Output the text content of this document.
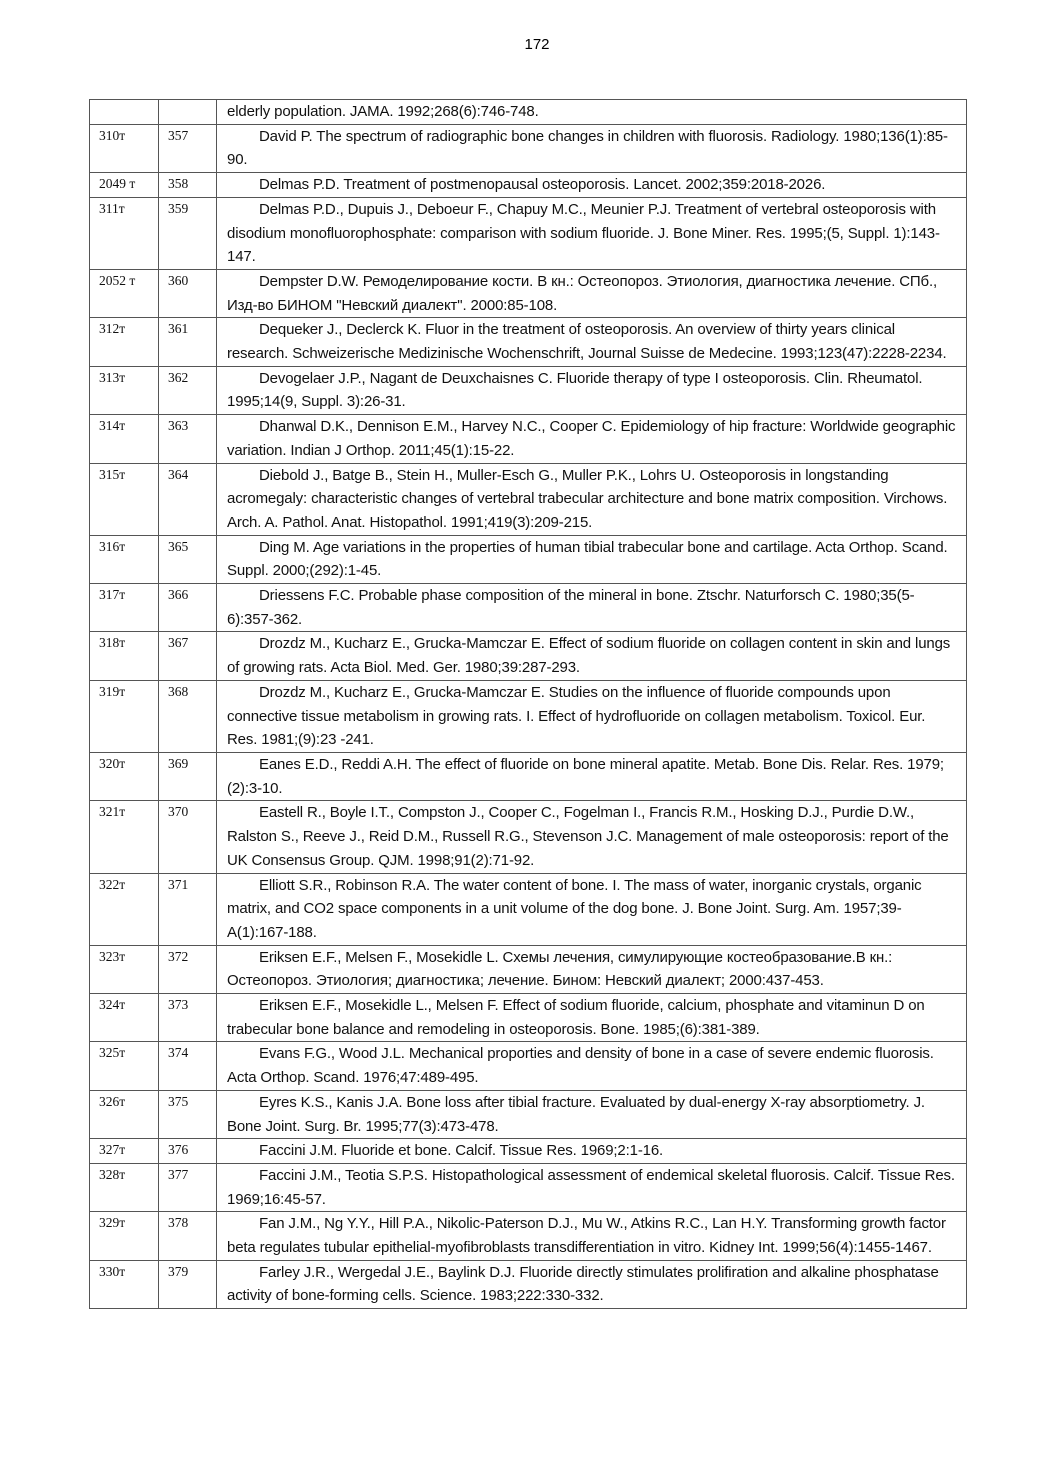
172
		elderly population. JAMA. 1992;268(6):746-748.
310т	357	David P. The spectrum of radiographic bone changes in children with fluorosis. Radiology. 1980;136(1):85-90.
2049 т	358	Delmas P.D. Treatment of postmenopausal osteoporosis. Lancet. 2002;359:2018-2026.
311т	359	Delmas P.D., Dupuis J., Deboeur F., Chapuy M.C., Meunier P.J. Treatment of vertebral osteoporosis with disodium monofluorophosphate: comparison with sodium fluoride. J. Bone Miner. Res. 1995;(5, Suppl. 1):143-147.
2052 т	360	Dempster D.W. Ремоделирование кости. В кн.: Остеопороз. Этиология, диагностика лечение. СПб., Изд-во БИНОМ "Невский диалект". 2000:85-108.
312т	361	Dequeker J., Declerck K. Fluor in the treatment of osteoporosis. An overview of thirty years clinical research. Schweizerische Medizinische Wochenschrift, Journal Suisse de Medecine. 1993;123(47):2228-2234.
313т	362	Devogelaer J.P., Nagant de Deuxchaisnes C. Fluoride therapy of type I osteoporosis. Clin. Rheumatol. 1995;14(9, Suppl. 3):26-31.
314т	363	Dhanwal D.K., Dennison E.M., Harvey N.C., Cooper C. Epidemiology of hip fracture: Worldwide geographic variation. Indian J Orthop. 2011;45(1):15-22.
315т	364	Diebold J., Batge B., Stein H., Muller-Esch G., Muller P.K., Lohrs U. Osteoporosis in longstanding acromegaly: characteristic changes of vertebral trabecular architecture and bone matrix composition. Virchows. Arch. A. Pathol. Anat. Histopathol. 1991;419(3):209-215.
316т	365	Ding M. Age variations in the properties of human tibial trabecular bone and cartilage. Acta Orthop. Scand. Suppl. 2000;(292):1-45.
317т	366	Driessens F.C. Probable phase composition of the mineral in bone. Ztschr. Naturforsch C. 1980;35(5-6):357-362.
318т	367	Drozdz M., Kucharz E., Grucka-Mamczar E. Effect of sodium fluoride on collagen content in skin and lungs of growing rats. Acta Biol. Med. Ger. 1980;39:287-293.
319т	368	Drozdz M., Kucharz E., Grucka-Mamczar E. Studies on the influence of fluoride compounds upon connective tissue metabolism in growing rats. I. Effect of hydrofluoride on collagen metabolism. Toxicol. Eur. Res. 1981;(9):23 -241.
320т	369	Eanes E.D., Reddi A.H. The effect of fluoride on bone mineral apatite. Metab. Bone Dis. Relar. Res. 1979;(2):3-10.
321т	370	Eastell R., Boyle I.T., Compston J., Cooper C., Fogelman I., Francis R.M., Hosking D.J., Purdie D.W., Ralston S., Reeve J., Reid D.M., Russell R.G., Stevenson J.C. Management of male osteoporosis: report of the UK Consensus Group. QJM. 1998;91(2):71-92.
322т	371	Elliott S.R., Robinson R.A. The water content of bone. I. The mass of water, inorganic crystals, organic matrix, and CO2 space components in a unit volume of the dog bone. J. Bone Joint. Surg. Am. 1957;39-A(1):167-188.
323т	372	Eriksen E.F., Melsen F., Mosekidle L. Схемы лечения, симулирующие костеобразование.В кн.: Остеопороз. Этиология; диагностика; лечение. Бином: Невский диалект; 2000:437-453.
324т	373	Eriksen E.F., Mosekidle L., Melsen F. Effect of sodium fluoride, calcium, phosphate and vitaminun D on trabecular bone balance and remodeling in osteoporosis. Bone. 1985;(6):381-389.
325т	374	Evans F.G., Wood J.L. Mechanical proporties and density of bone in a case of severe endemic fluorosis. Acta Orthop. Scand. 1976;47:489-495.
326т	375	Eyres K.S., Kanis J.A. Bone loss after tibial fracture. Evaluated by dual-energy X-ray absorptiometry. J. Bone Joint. Surg. Br. 1995;77(3):473-478.
327т	376	Faccini J.M. Fluoride et bone. Calcif. Tissue Res. 1969;2:1-16.
328т	377	Faccini J.M., Teotia S.P.S. Histopathological assessment of endemical skeletal fluorosis. Calcif. Tissue Res. 1969;16:45-57.
329т	378	Fan J.M., Ng Y.Y., Hill P.A., Nikolic-Paterson D.J., Mu W., Atkins R.C., Lan H.Y. Transforming growth factor beta regulates tubular epithelial-myofibroblasts transdifferentiation in vitro. Kidney Int. 1999;56(4):1455-1467.
330т	379	Farley J.R., Wergedal J.E., Baylink D.J. Fluoride directly stimulates prolifiration and alkaline phosphatase activity of bone-forming cells. Science. 1983;222:330-332.
